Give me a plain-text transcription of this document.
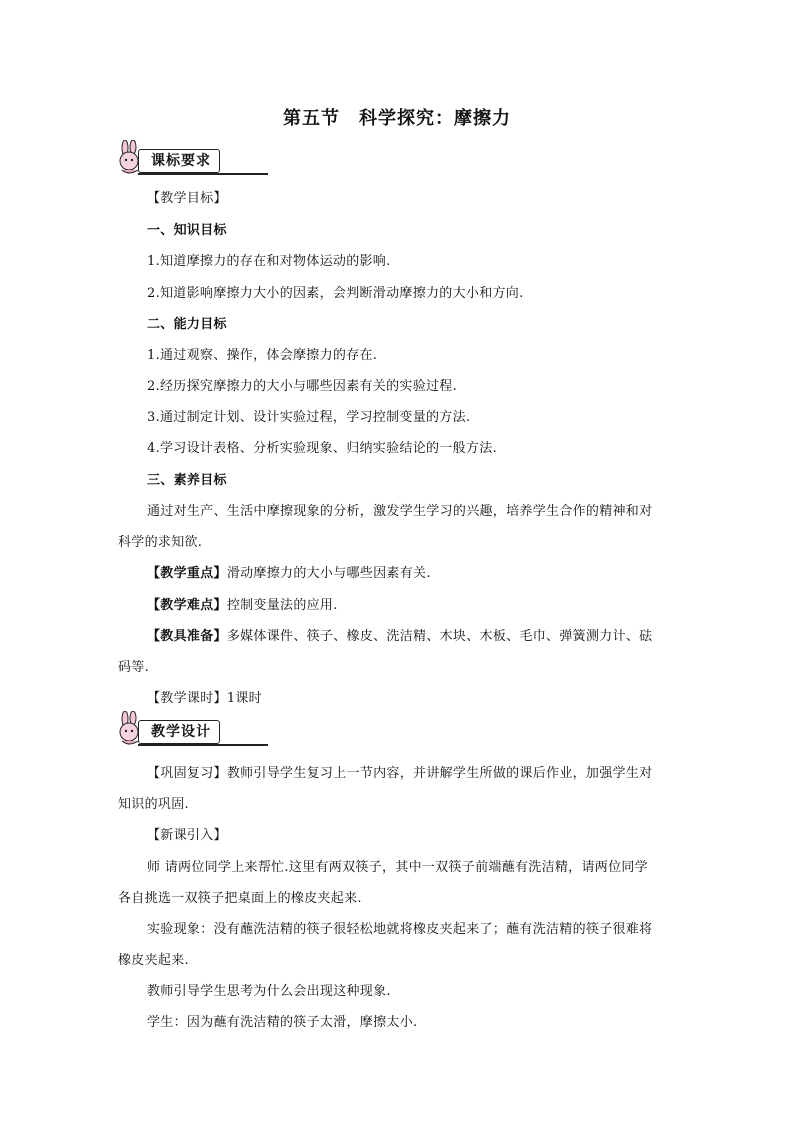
第五节　科学探究：摩擦力
课标要求
【教学目标】
一、知识目标
1.知道摩擦力的存在和对物体运动的影响.
2.知道影响摩擦力大小的因素，会判断滑动摩擦力的大小和方向.
二、能力目标
1.通过观察、操作，体会摩擦力的存在.
2.经历探究摩擦力的大小与哪些因素有关的实验过程.
3.通过制定计划、设计实验过程，学习控制变量的方法.
4.学习设计表格、分析实验现象、归纳实验结论的一般方法.
三、素养目标
通过对生产、生活中摩擦现象的分析，激发学生学习的兴趣，培养学生合作的精神和对
科学的求知欲.
【教学重点】滑动摩擦力的大小与哪些因素有关.
【教学难点】控制变量法的应用.
【教具准备】多媒体课件、筷子、橡皮、洗洁精、木块、木板、毛巾、弹簧测力计、砝
码等.
【教学课时】1课时
教学设计
【巩固复习】教师引导学生复习上一节内容，并讲解学生所做的课后作业，加强学生对
知识的巩固.
【新课引入】
师 请两位同学上来帮忙.这里有两双筷子，其中一双筷子前端蘸有洗洁精，请两位同学
各自挑选一双筷子把桌面上的橡皮夹起来.
实验现象：没有蘸洗洁精的筷子很轻松地就将橡皮夹起来了；蘸有洗洁精的筷子很难将
橡皮夹起来.
教师引导学生思考为什么会出现这种现象.
学生：因为蘸有洗洁精的筷子太滑，摩擦太小.
